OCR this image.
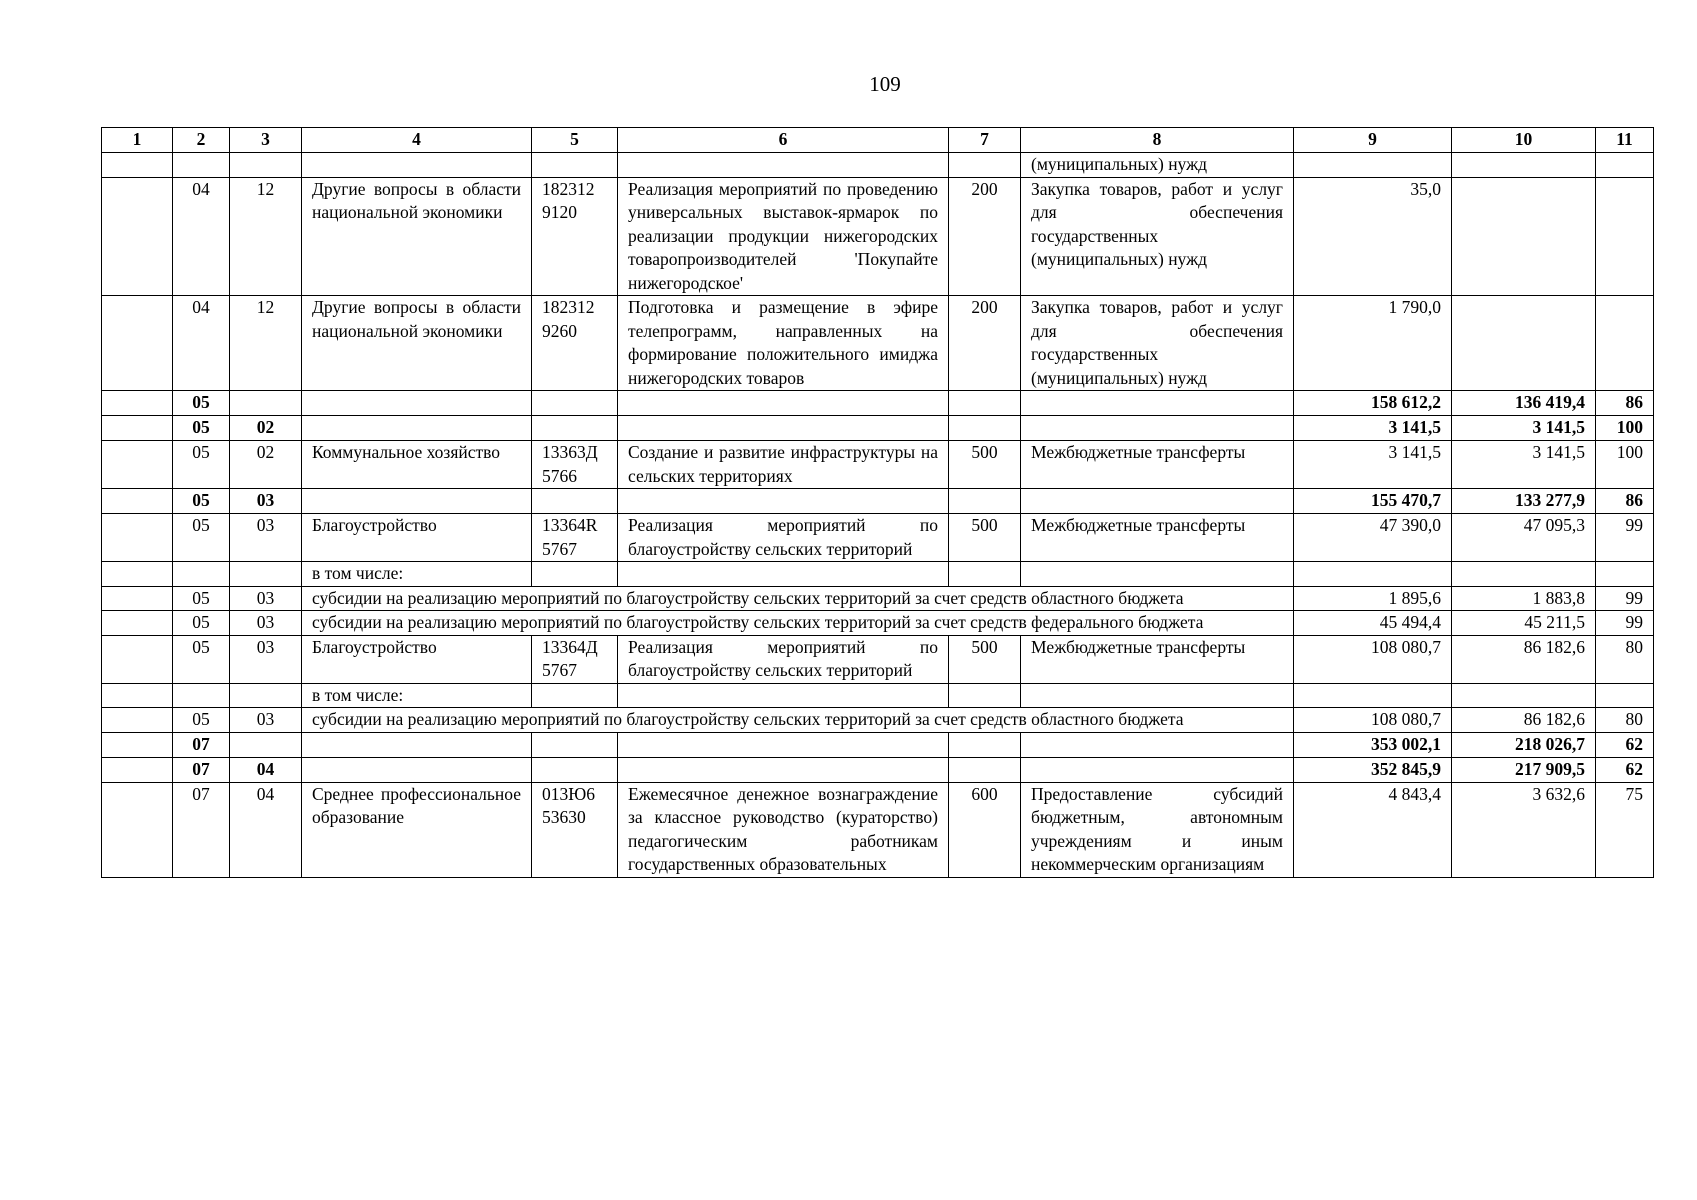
109
1	2	3	4	5	6	7	8	9	10	11
							(муниципальных) нужд			
	04	12	Другие вопросы в области национальной экономики	182312 9120	Реализация мероприятий по проведению универсальных выставок-ярмарок по реализации продукции нижегородских товаропроизводителей 'Покупайте нижегородское'	200	Закупка товаров, работ и услуг для обеспечения государственных (муниципальных) нужд	35,0		
	04	12	Другие вопросы в области национальной экономики	182312 9260	Подготовка и размещение в эфире телепрограмм, направленных на формирование положительного имиджа нижегородских товаров	200	Закупка товаров, работ и услуг для обеспечения государственных (муниципальных) нужд	1 790,0		
	05							158 612,2	136 419,4	86
	05	02						3 141,5	3 141,5	100
	05	02	Коммунальное хозяйство	13363Д 5766	Создание и развитие инфраструктуры на сельских территориях	500	Межбюджетные трансферты	3 141,5	3 141,5	100
	05	03						155 470,7	133 277,9	86
	05	03	Благоустройство	13364R 5767	Реализация мероприятий по благоустройству сельских территорий	500	Межбюджетные трансферты	47 390,0	47 095,3	99
			в том числе:							
	05	03	субсидии на реализацию мероприятий по благоустройству сельских территорий за счет средств областного бюджета					1 895,6	1 883,8	99
	05	03	субсидии на реализацию мероприятий по благоустройству сельских территорий за счет средств федерального бюджета					45 494,4	45 211,5	99
	05	03	Благоустройство	13364Д 5767	Реализация мероприятий по благоустройству сельских территорий	500	Межбюджетные трансферты	108 080,7	86 182,6	80
			в том числе:							
	05	03	субсидии на реализацию мероприятий по благоустройству сельских территорий за счет средств областного бюджета					108 080,7	86 182,6	80
	07							353 002,1	218 026,7	62
	07	04						352 845,9	217 909,5	62
	07	04	Среднее профессиональное образование	013Ю6 53630	Ежемесячное денежное вознаграждение за классное руководство (кураторство) педагогическим работникам государственных образовательных	600	Предоставление субсидий бюджетным, автономным учреждениям и иным некоммерческим организациям	4 843,4	3 632,6	75
